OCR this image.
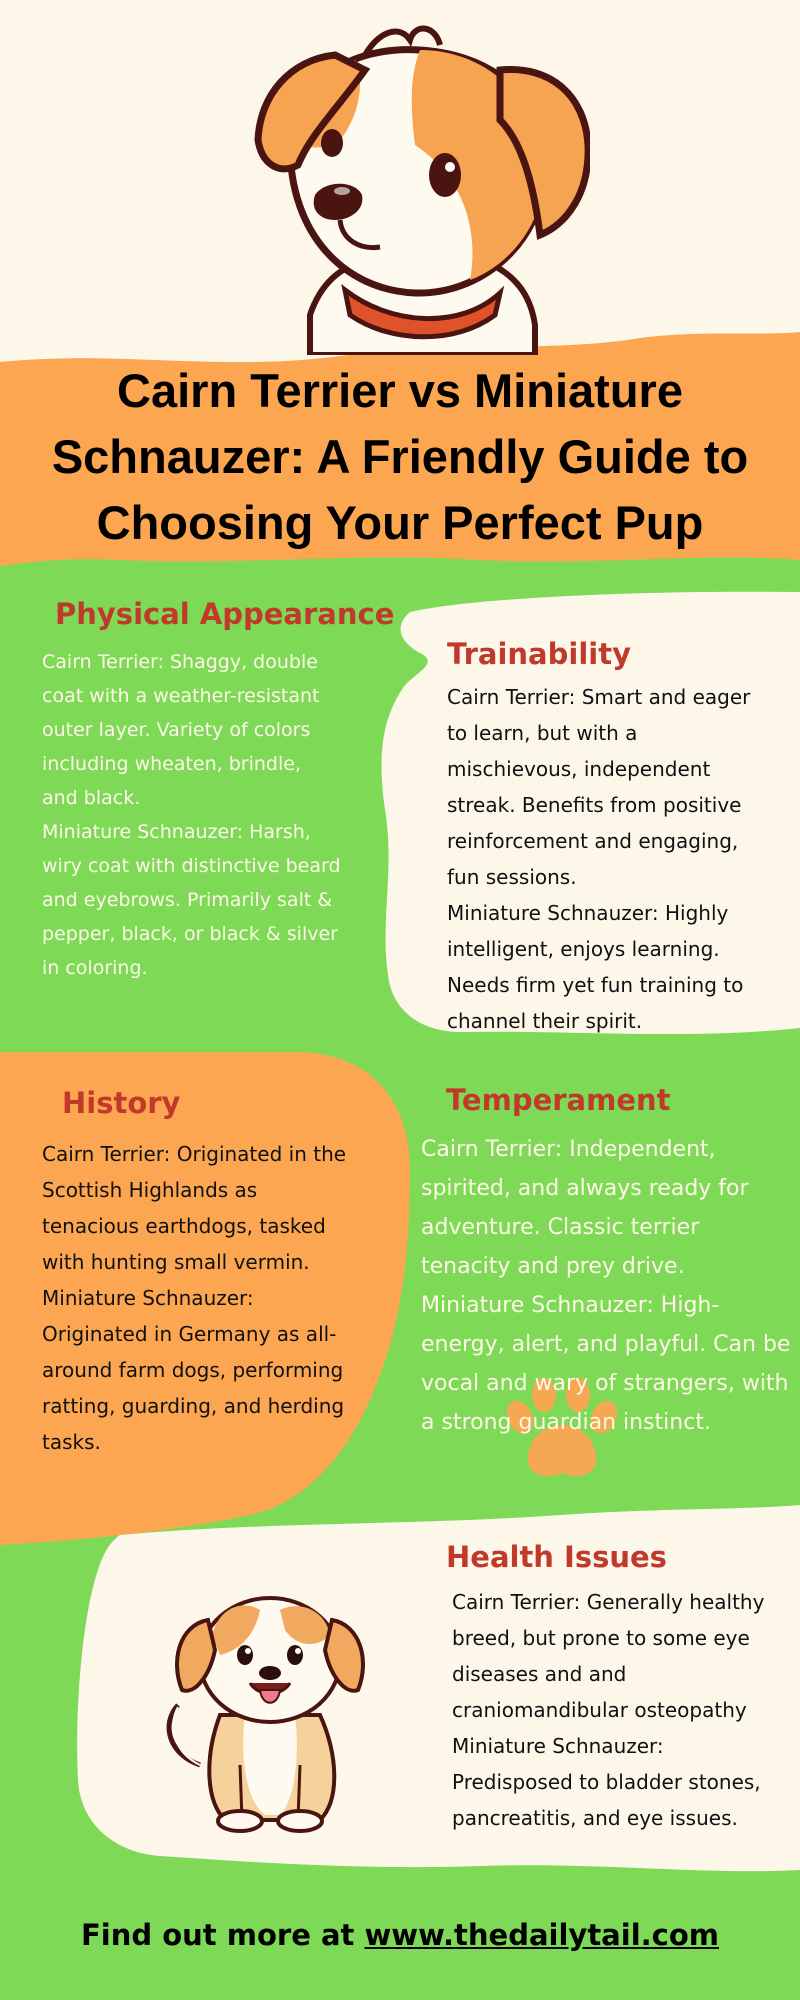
Cairn Terrier vs Miniature Schnauzer: A Friendly Guide to Choosing Your Perfect Pup
Physical Appearance

Cairn Terrier: Shaggy, double coat with a weather-resistant outer layer. Variety of colors including wheaten, brindle, and black.

Miniature Schnauzer: Harsh, wiry coat with distinctive beard and eyebrows. Primarily salt & pepper, black, or black & silver in coloring.

Trainability

Cairn Terrier: Smart and eager to learn, but with a mischievous, independent streak. Benefits from positive reinforcement and engaging, fun sessions.

Miniature Schnauzer: Highly intelligent, enjoys learning. Needs firm yet fun training to channel their spirit.

History

Cairn Terrier: Originated in the Scottish Highlands as tenacious earthdogs, tasked with hunting small vermin.

Miniature Schnauzer: Originated in Germany as all-around farm dogs, performing ratting, guarding, and herding tasks.

Temperament

Cairn Terrier: Independent, spirited, and always ready for adventure. Classic terrier tenacity and prey drive.

Miniature Schnauzer: High-energy, alert, and playful. Can be vocal and wary of strangers, with a strong guardian instinct.

Health Issues

Cairn Terrier: Generally healthy breed, but prone to some eye diseases and and craniomandibular osteopathy

Miniature Schnauzer: Predisposed to bladder stones, pancreatitis, and eye issues.

Find out more at www.thedailytail.com
